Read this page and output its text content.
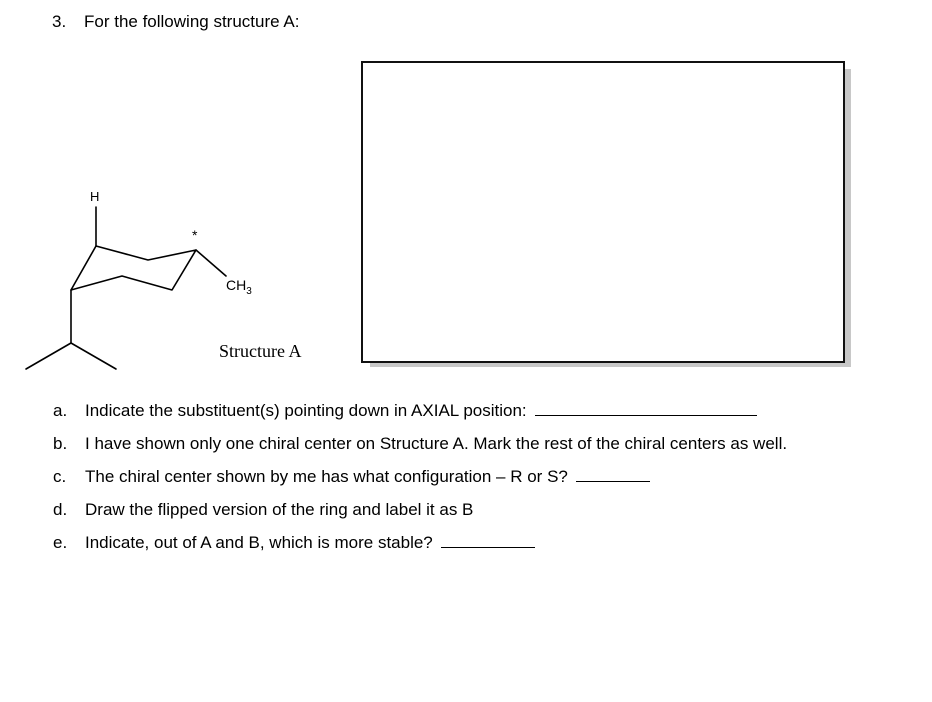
3. For the following structure A:
H
*
$CH_3$
Structure A
a. Indicate the substituent(s) pointing down in AXIAL position:
b. I have shown only one chiral center on Structure A. Mark the rest of the chiral centers as well.
c. The chiral center shown by me has what configuration – R or S?
d. Draw the flipped version of the ring and label it as B
e. Indicate, out of A and B, which is more stable?
